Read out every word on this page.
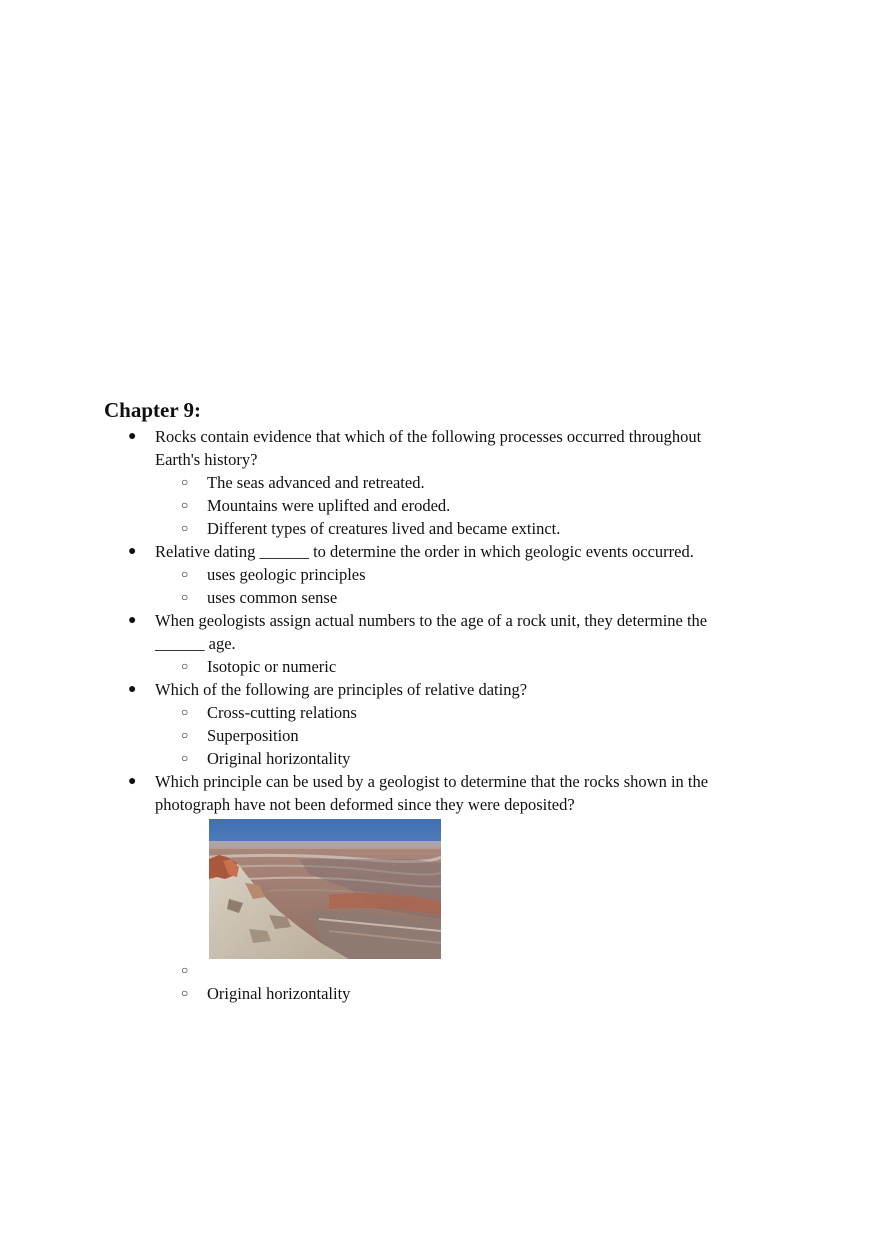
Chapter 9:
● Rocks contain evidence that which of the following processes occurred throughout Earth's history?
○ The seas advanced and retreated.
○ Mountains were uplifted and eroded.
○ Different types of creatures lived and became extinct.
● Relative dating ______ to determine the order in which geologic events occurred.
○ uses geologic principles
○ uses common sense
● When geologists assign actual numbers to the age of a rock unit, they determine the ______ age.
○ Isotopic or numeric
● Which of the following are principles of relative dating?
○ Cross-cutting relations
○ Superposition
○ Original horizontality
● Which principle can be used by a geologist to determine that the rocks shown in the photograph have not been deformed since they were deposited?
○
○ Original horizontality
